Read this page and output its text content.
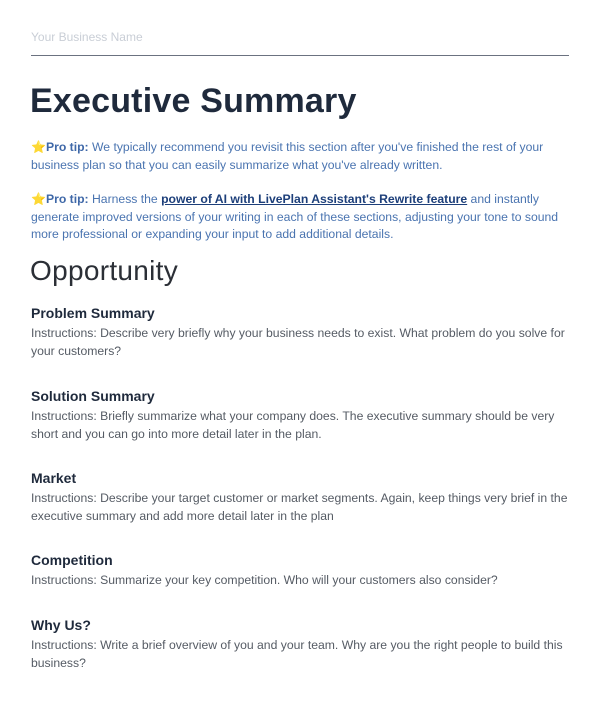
Your Business Name
Executive Summary
⭐Pro tip: We typically recommend you revisit this section after you've finished the rest of your business plan so that you can easily summarize what you've already written.
⭐Pro tip: Harness the power of AI with LivePlan Assistant's Rewrite feature and instantly generate improved versions of your writing in each of these sections, adjusting your tone to sound more professional or expanding your input to add additional details.
Opportunity
Problem Summary

Instructions: Describe very briefly why your business needs to exist. What problem do you solve for your customers?

Solution Summary

Instructions: Briefly summarize what your company does. The executive summary should be very short and you can go into more detail later in the plan.

Market

Instructions: Describe your target customer or market segments. Again, keep things very brief in the executive summary and add more detail later in the plan

Competition

Instructions: Summarize your key competition. Who will your customers also consider?

Why Us?

Instructions: Write a brief overview of you and your team. Why are you the right people to build this business?
